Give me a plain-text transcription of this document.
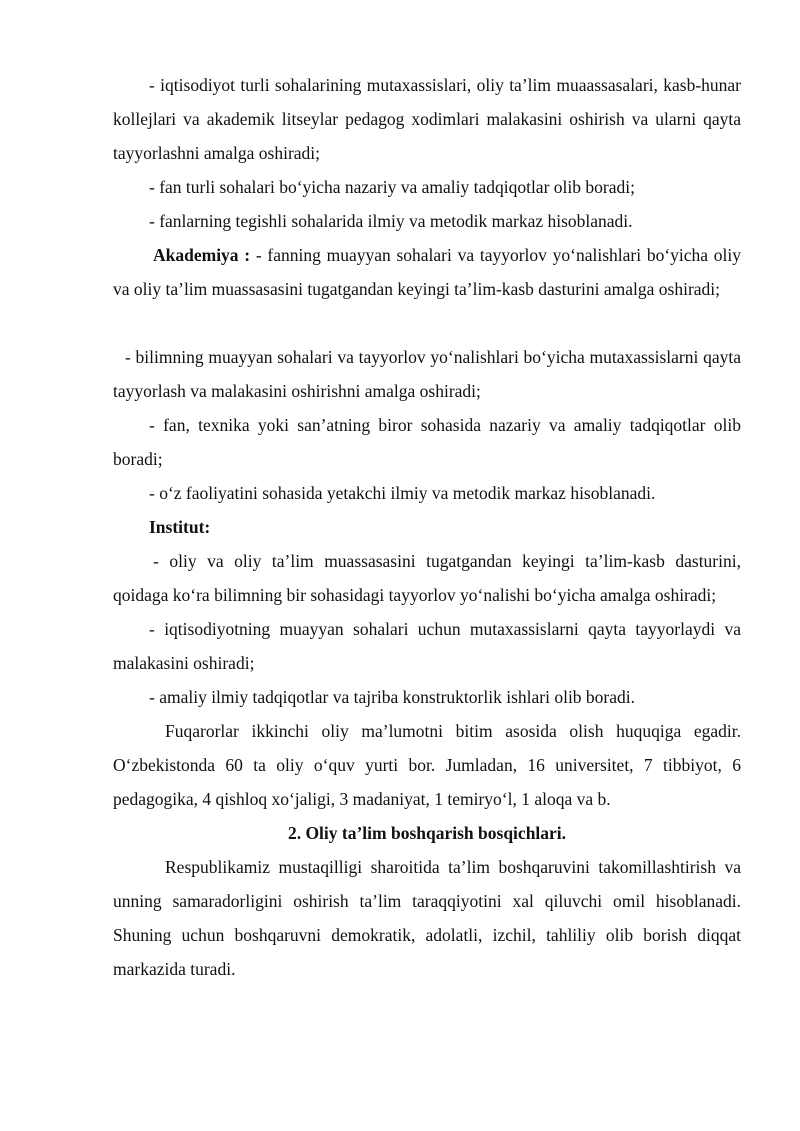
- iqtisodiyot turli sohalarining mutaxassislari, oliy ta’lim muaassasalari, kasb-hunar kollejlari va akademik litseylar pedagog xodimlari malakasini oshirish va ularni qayta tayyorlashni amalga oshiradi;

- fan turli sohalari bo‘yicha nazariy va amaliy tadqiqotlar olib boradi;

- fanlarning tegishli sohalarida ilmiy va metodik markaz hisoblanadi.

Akademiya : - fanning muayyan sohalari va tayyorlov yo‘nalishlari bo‘yicha oliy va oliy ta’lim muassasasini tugatgandan keyingi ta’lim-kasb dasturini amalga oshiradi;

- bilimning muayyan sohalari va tayyorlov yo‘nalishlari bo‘yicha mutaxassislarni qayta tayyorlash va malakasini oshirishni amalga oshiradi;

- fan, texnika yoki san’atning biror sohasida nazariy va amaliy tadqiqotlar olib boradi;

- o‘z faoliyatini sohasida yetakchi ilmiy va metodik markaz hisoblanadi.

Institut:

- oliy va oliy ta’lim muassasasini tugatgandan keyingi ta’lim-kasb dasturini, qoidaga ko‘ra bilimning bir sohasidagi tayyorlov yo‘nalishi bo‘yicha amalga oshiradi;

- iqtisodiyotning muayyan sohalari uchun mutaxassislarni qayta tayyorlaydi va malakasini oshiradi;

- amaliy ilmiy tadqiqotlar va tajriba konstruktorlik ishlari olib boradi.

Fuqarorlar ikkinchi oliy ma’lumotni bitim asosida olish huquqiga egadir. O‘zbekistonda 60 ta oliy o‘quv yurti bor. Jumladan, 16 universitet, 7 tibbiyot, 6 pedagogika, 4 qishloq xo‘jaligi, 3 madaniyat, 1 temiryo‘l, 1 aloqa va b.

2. Oliy ta’lim boshqarish bosqichlari.

Respublikamiz mustaqilligi sharoitida ta’lim boshqaruvini takomillashtirish va unning samaradorligini oshirish ta’lim taraqqiyotini xal qiluvchi omil hisoblanadi. Shuning uchun boshqaruvni demokratik, adolatli, izchil, tahliliy olib borish diqqat markazida turadi.
